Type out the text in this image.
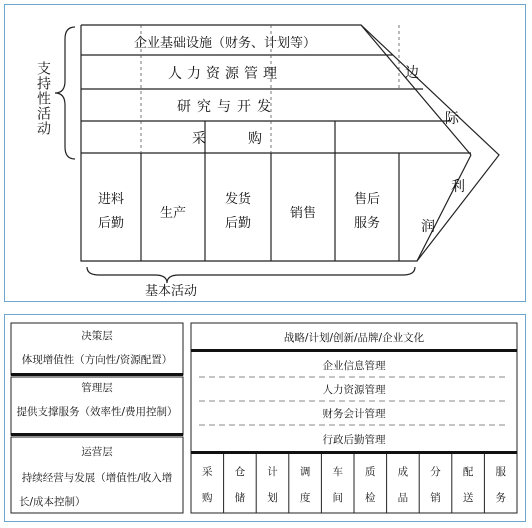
支持性活动
基本活动
企业基础设施（财务、计划等）
人力资源管理
研究与开发
采　　　购
进料
后勤
生产
发货
后勤
销售
售后
服务
边
际
利
润
决策层
体现增值性（方向性/资源配置）
管理层
提供支撑服务（效率性/费用控制）
运营层
持续经营与发展（增值性/收入增
长/成本控制）
战略/计划/创新/品牌/企业文化
企业信息管理
人力资源管理
财务会计管理
行政后勤管理
采
购
仓
储
计
划
调
度
车
间
质
检
成
品
分
销
配
送
服
务
